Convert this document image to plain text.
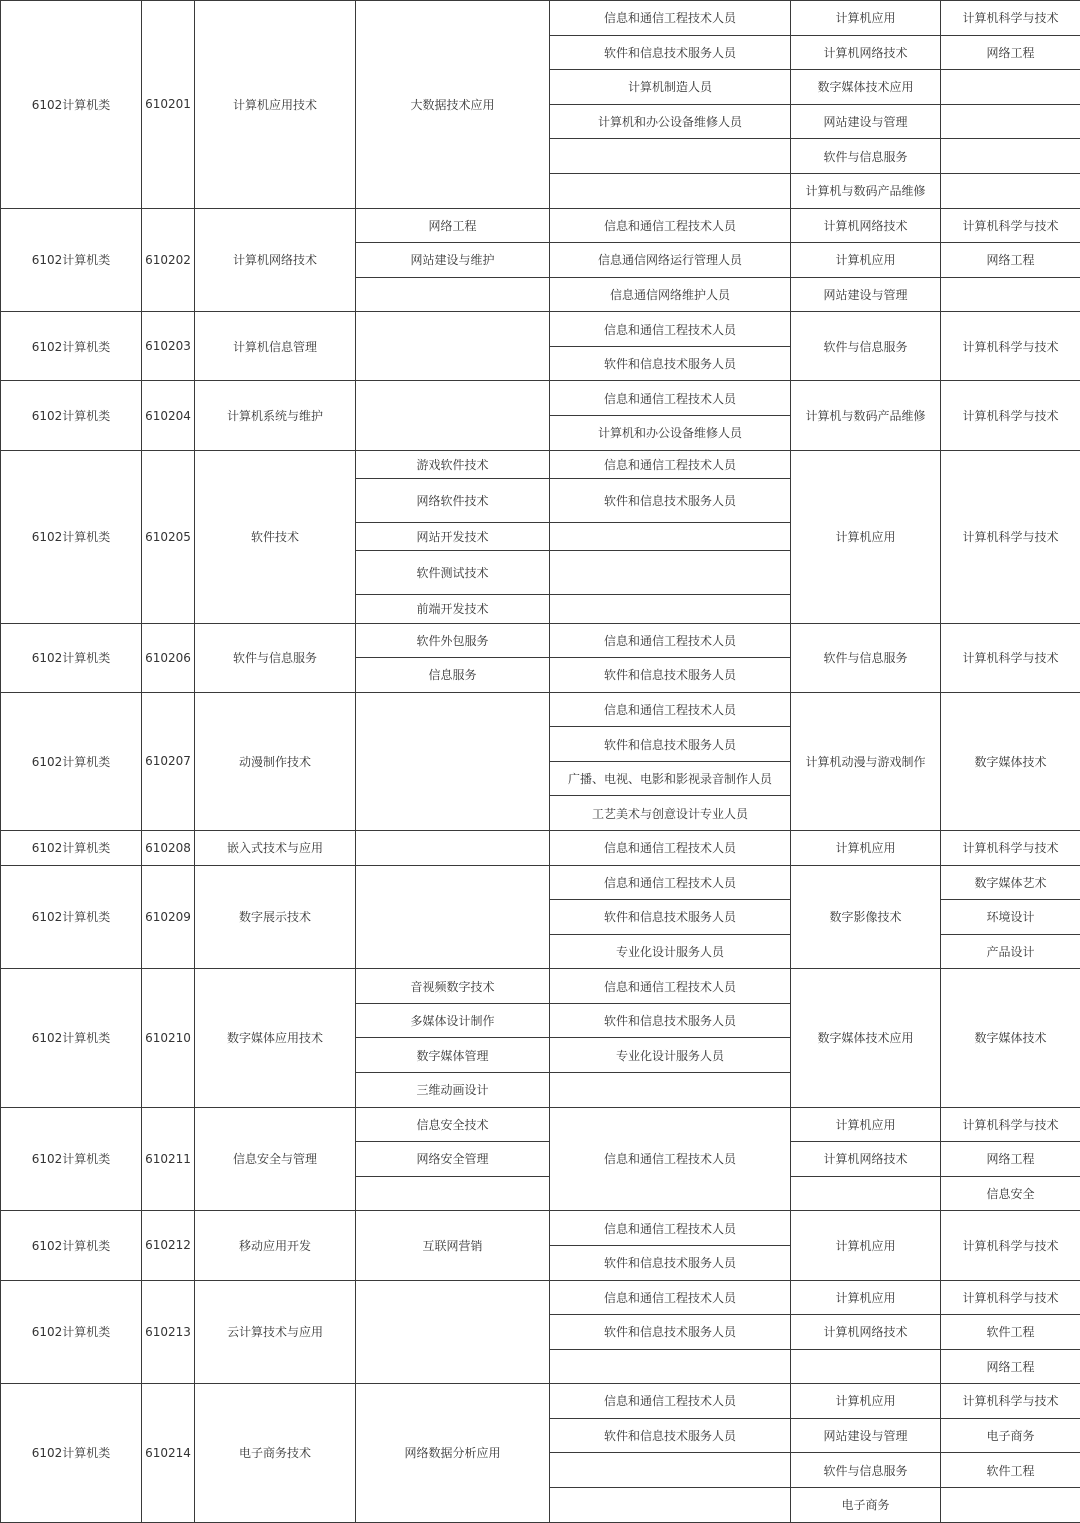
6102计算机类	610201	计算机应用技术	大数据技术应用	信息和通信工程技术人员	计算机应用	计算机科学与技术

				软件和信息技术服务人员	计算机网络技术	网络工程

				计算机制造人员	数字媒体技术应用	

				计算机和办公设备维修人员	网站建设与管理	

					软件与信息服务	

					计算机与数码产品维修	

6102计算机类	610202	计算机网络技术	网络工程	信息和通信工程技术人员	计算机网络技术	计算机科学与技术

			网站建设与维护	信息通信网络运行管理人员	计算机应用	网络工程

				信息通信网络维护人员	网站建设与管理	

6102计算机类	610203	计算机信息管理		信息和通信工程技术人员	软件与信息服务	计算机科学与技术

				软件和信息技术服务人员		

6102计算机类	610204	计算机系统与维护		信息和通信工程技术人员	计算机与数码产品维修	计算机科学与技术

				计算机和办公设备维修人员		

6102计算机类	610205	软件技术	游戏软件技术	信息和通信工程技术人员	计算机应用	计算机科学与技术

			网络软件技术	软件和信息技术服务人员		

			网站开发技术			

			软件测试技术			

			前端开发技术			

6102计算机类	610206	软件与信息服务	软件外包服务	信息和通信工程技术人员	软件与信息服务	计算机科学与技术

			信息服务	软件和信息技术服务人员		

6102计算机类	610207	动漫制作技术		信息和通信工程技术人员	计算机动漫与游戏制作	数字媒体技术

				软件和信息技术服务人员		

				广播、电视、电影和影视录音制作人员		

				工艺美术与创意设计专业人员		

6102计算机类	610208	嵌入式技术与应用		信息和通信工程技术人员	计算机应用	计算机科学与技术

6102计算机类	610209	数字展示技术		信息和通信工程技术人员	数字影像技术	数字媒体艺术

				软件和信息技术服务人员		环境设计

				专业化设计服务人员		产品设计

6102计算机类	610210	数字媒体应用技术	音视频数字技术	信息和通信工程技术人员	数字媒体技术应用	数字媒体技术

			多媒体设计制作	软件和信息技术服务人员		

			数字媒体管理	专业化设计服务人员		

			三维动画设计			

6102计算机类	610211	信息安全与管理	信息安全技术	信息和通信工程技术人员	计算机应用	计算机科学与技术

			网络安全管理		计算机网络技术	网络工程

						信息安全

6102计算机类	610212	移动应用开发	互联网营销	信息和通信工程技术人员	计算机应用	计算机科学与技术

				软件和信息技术服务人员		

6102计算机类	610213	云计算技术与应用		信息和通信工程技术人员	计算机应用	计算机科学与技术

				软件和信息技术服务人员	计算机网络技术	软件工程

						网络工程

6102计算机类	610214	电子商务技术	网络数据分析应用	信息和通信工程技术人员	计算机应用	计算机科学与技术

				软件和信息技术服务人员	网站建设与管理	电子商务

					软件与信息服务	软件工程

					电子商务	
